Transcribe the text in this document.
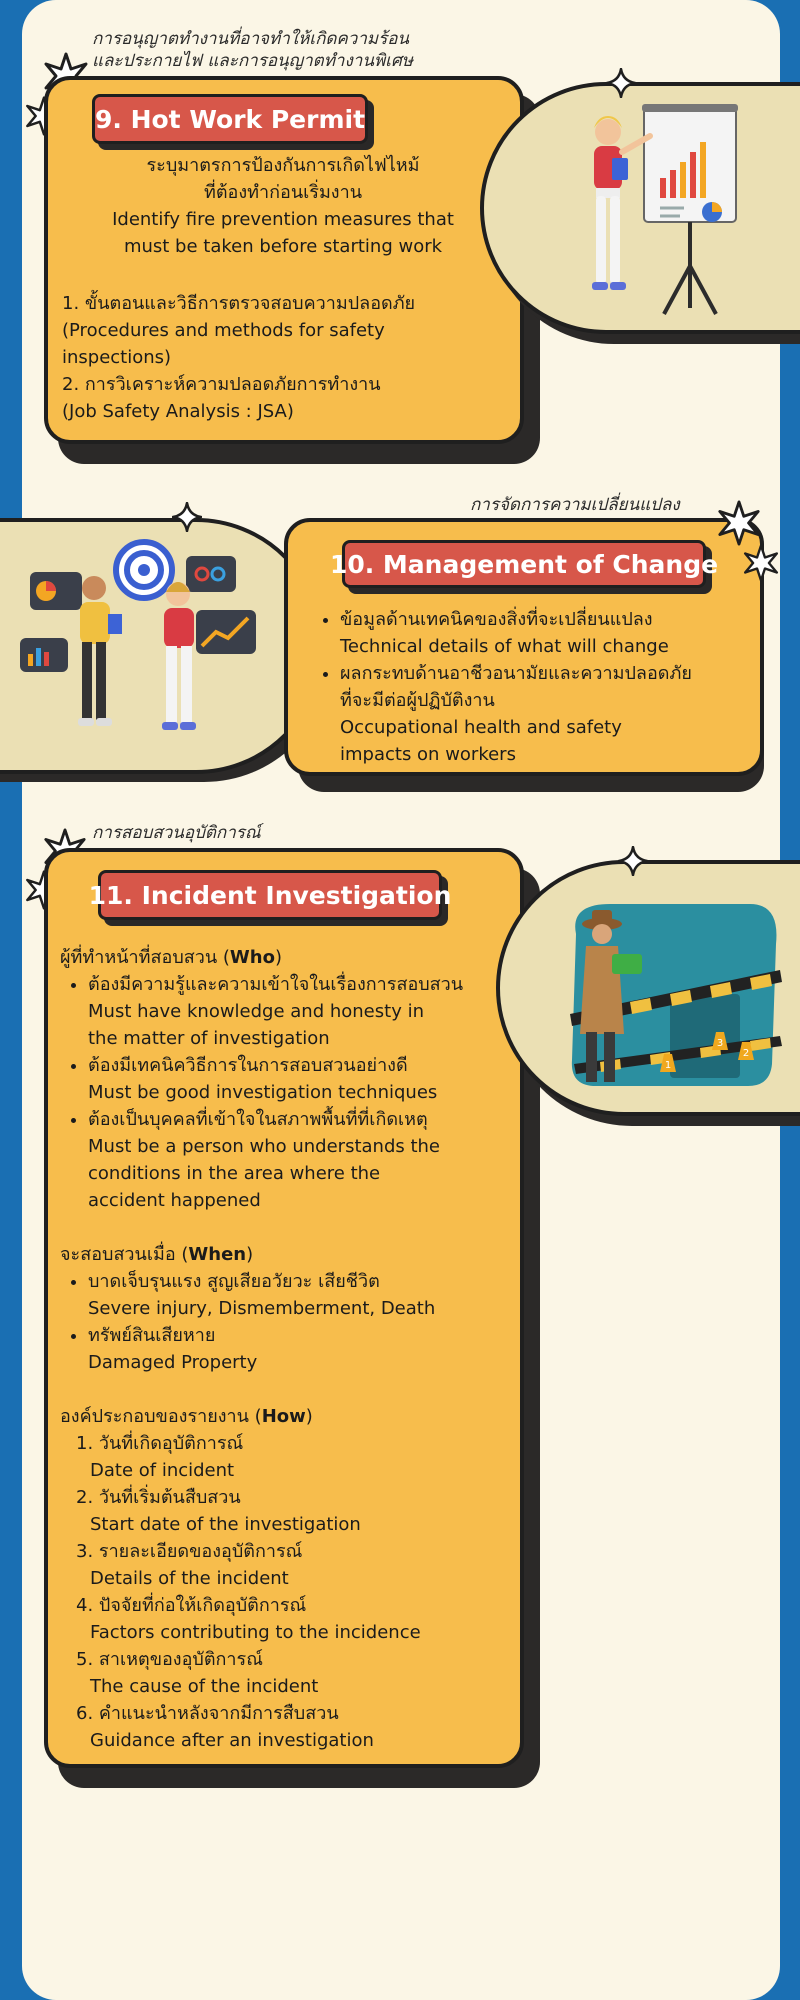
การอนุญาตทำงานที่อาจทำให้เกิดความร้อน
และประกายไฟ และการอนุญาตทำงานพิเศษ
9. Hot Work Permit
ระบุมาตรการป้องกันการเกิดไฟไหม้
ที่ต้องทำก่อนเริ่มงาน
Identify fire prevention measures that
must be taken before starting work
1. ขั้นตอนและวิธีการตรวจสอบความปลอดภัย
(Procedures and methods for safety
inspections)
2. การวิเคราะห์ความปลอดภัยการทำงาน
(Job Safety Analysis : JSA)
การจัดการความเปลี่ยนแปลง
10. Management of Change
• ข้อมูลด้านเทคนิคของสิ่งที่จะเปลี่ยนแปลง
Technical details of what will change
• ผลกระทบด้านอาชีวอนามัยและความปลอดภัย
ที่จะมีต่อผู้ปฏิบัติงาน
Occupational health and safety
impacts on workers
การสอบสวนอุบัติการณ์
11. Incident Investigation
ผู้ที่ทำหน้าที่สอบสวน (Who)
• ต้องมีความรู้และความเข้าใจในเรื่องการสอบสวน
Must have knowledge and honesty in
the matter of investigation
• ต้องมีเทคนิควิธีการในการสอบสวนอย่างดี
Must be good investigation techniques
• ต้องเป็นบุคคลที่เข้าใจในสภาพพื้นที่ที่เกิดเหตุ
Must be a person who understands the
conditions in the area where the
accident happened
จะสอบสวนเมื่อ (When)
• บาดเจ็บรุนแรง สูญเสียอวัยวะ เสียชีวิต
Severe injury, Dismemberment, Death
• ทรัพย์สินเสียหาย
Damaged Property
องค์ประกอบของรายงาน (How)
1. วันที่เกิดอุบัติการณ์
Date of incident
2. วันที่เริ่มต้นสืบสวน
Start date of the investigation
3. รายละเอียดของอุบัติการณ์
Details of the incident
4. ปัจจัยที่ก่อให้เกิดอุบัติการณ์
Factors contributing to the incidence
5. สาเหตุของอุบัติการณ์
The cause of the incident
6. คำแนะนำหลังจากมีการสืบสวน
Guidance after an investigation
1
2
3
